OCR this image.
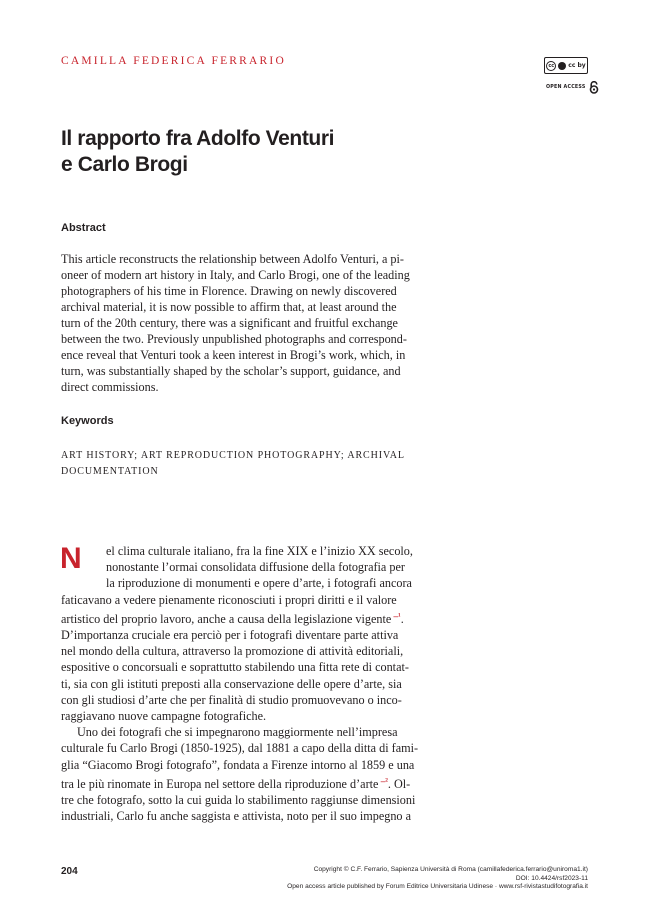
CAMILLA FEDERICA FERRARIO	cc	cc by
OPEN ACCESS
Il rapporto fra Adolfo Venturi
e Carlo Brogi
Abstract
This article reconstructs the relationship between Adolfo Venturi, a pi-
oneer of modern art history in Italy, and Carlo Brogi, one of the leading
photographers of his time in Florence. Drawing on newly discovered
archival material, it is now possible to affirm that, at least around the
turn of the 20th century, there was a significant and fruitful exchange
between the two. Previously unpublished photographs and correspond-
ence reveal that Venturi took a keen interest in Brogi’s work, which, in
turn, was substantially shaped by the scholar’s support, guidance, and
direct commissions.
Keywords
ART HISTORY; ART REPRODUCTION PHOTOGRAPHY; ARCHIVAL
DOCUMENTATION
N	el clima culturale italiano, fra la fine XIX e l’inizio XX secolo,
nonostante l’ormai consolidata diffusione della fotografia per
la riproduzione di monumenti e opere d’arte, i fotografi ancora
faticavano a vedere pienamente riconosciuti i propri diritti e il valore
artistico del proprio lavoro, anche a causa della legislazione vigente $^{-^1}$.
D’importanza cruciale era perciò per i fotografi diventare parte attiva
nel mondo della cultura, attraverso la promozione di attività editoriali,
espositive o concorsuali e soprattutto stabilendo una fitta rete di contat-
ti, sia con gli istituti preposti alla conservazione delle opere d’arte, sia
con gli studiosi d’arte che per finalità di studio promuovevano o inco-
raggiavano nuove campagne fotografiche.
Uno dei fotografi che si impegnarono maggiormente nell’impresa
culturale fu Carlo Brogi (1850-1925), dal 1881 a capo della ditta di fami-
glia “Giacomo Brogi fotografo”, fondata a Firenze intorno al 1859 e una
tra le più rinomate in Europa nel settore della riproduzione d’arte $^{-^2}$. Ol-
tre che fotografo, sotto la cui guida lo stabilimento raggiunse dimensioni
industriali, Carlo fu anche saggista e attivista, noto per il suo impegno a
204	Copyright © C.F. Ferrario, Sapienza Università di Roma (camillafederica.ferrario@uniroma1.it)
DOI: 10.4424/rsf2023-11
Open access article published by Forum Editrice Universitaria Udinese · www.rsf-rivistastudifotografia.it
